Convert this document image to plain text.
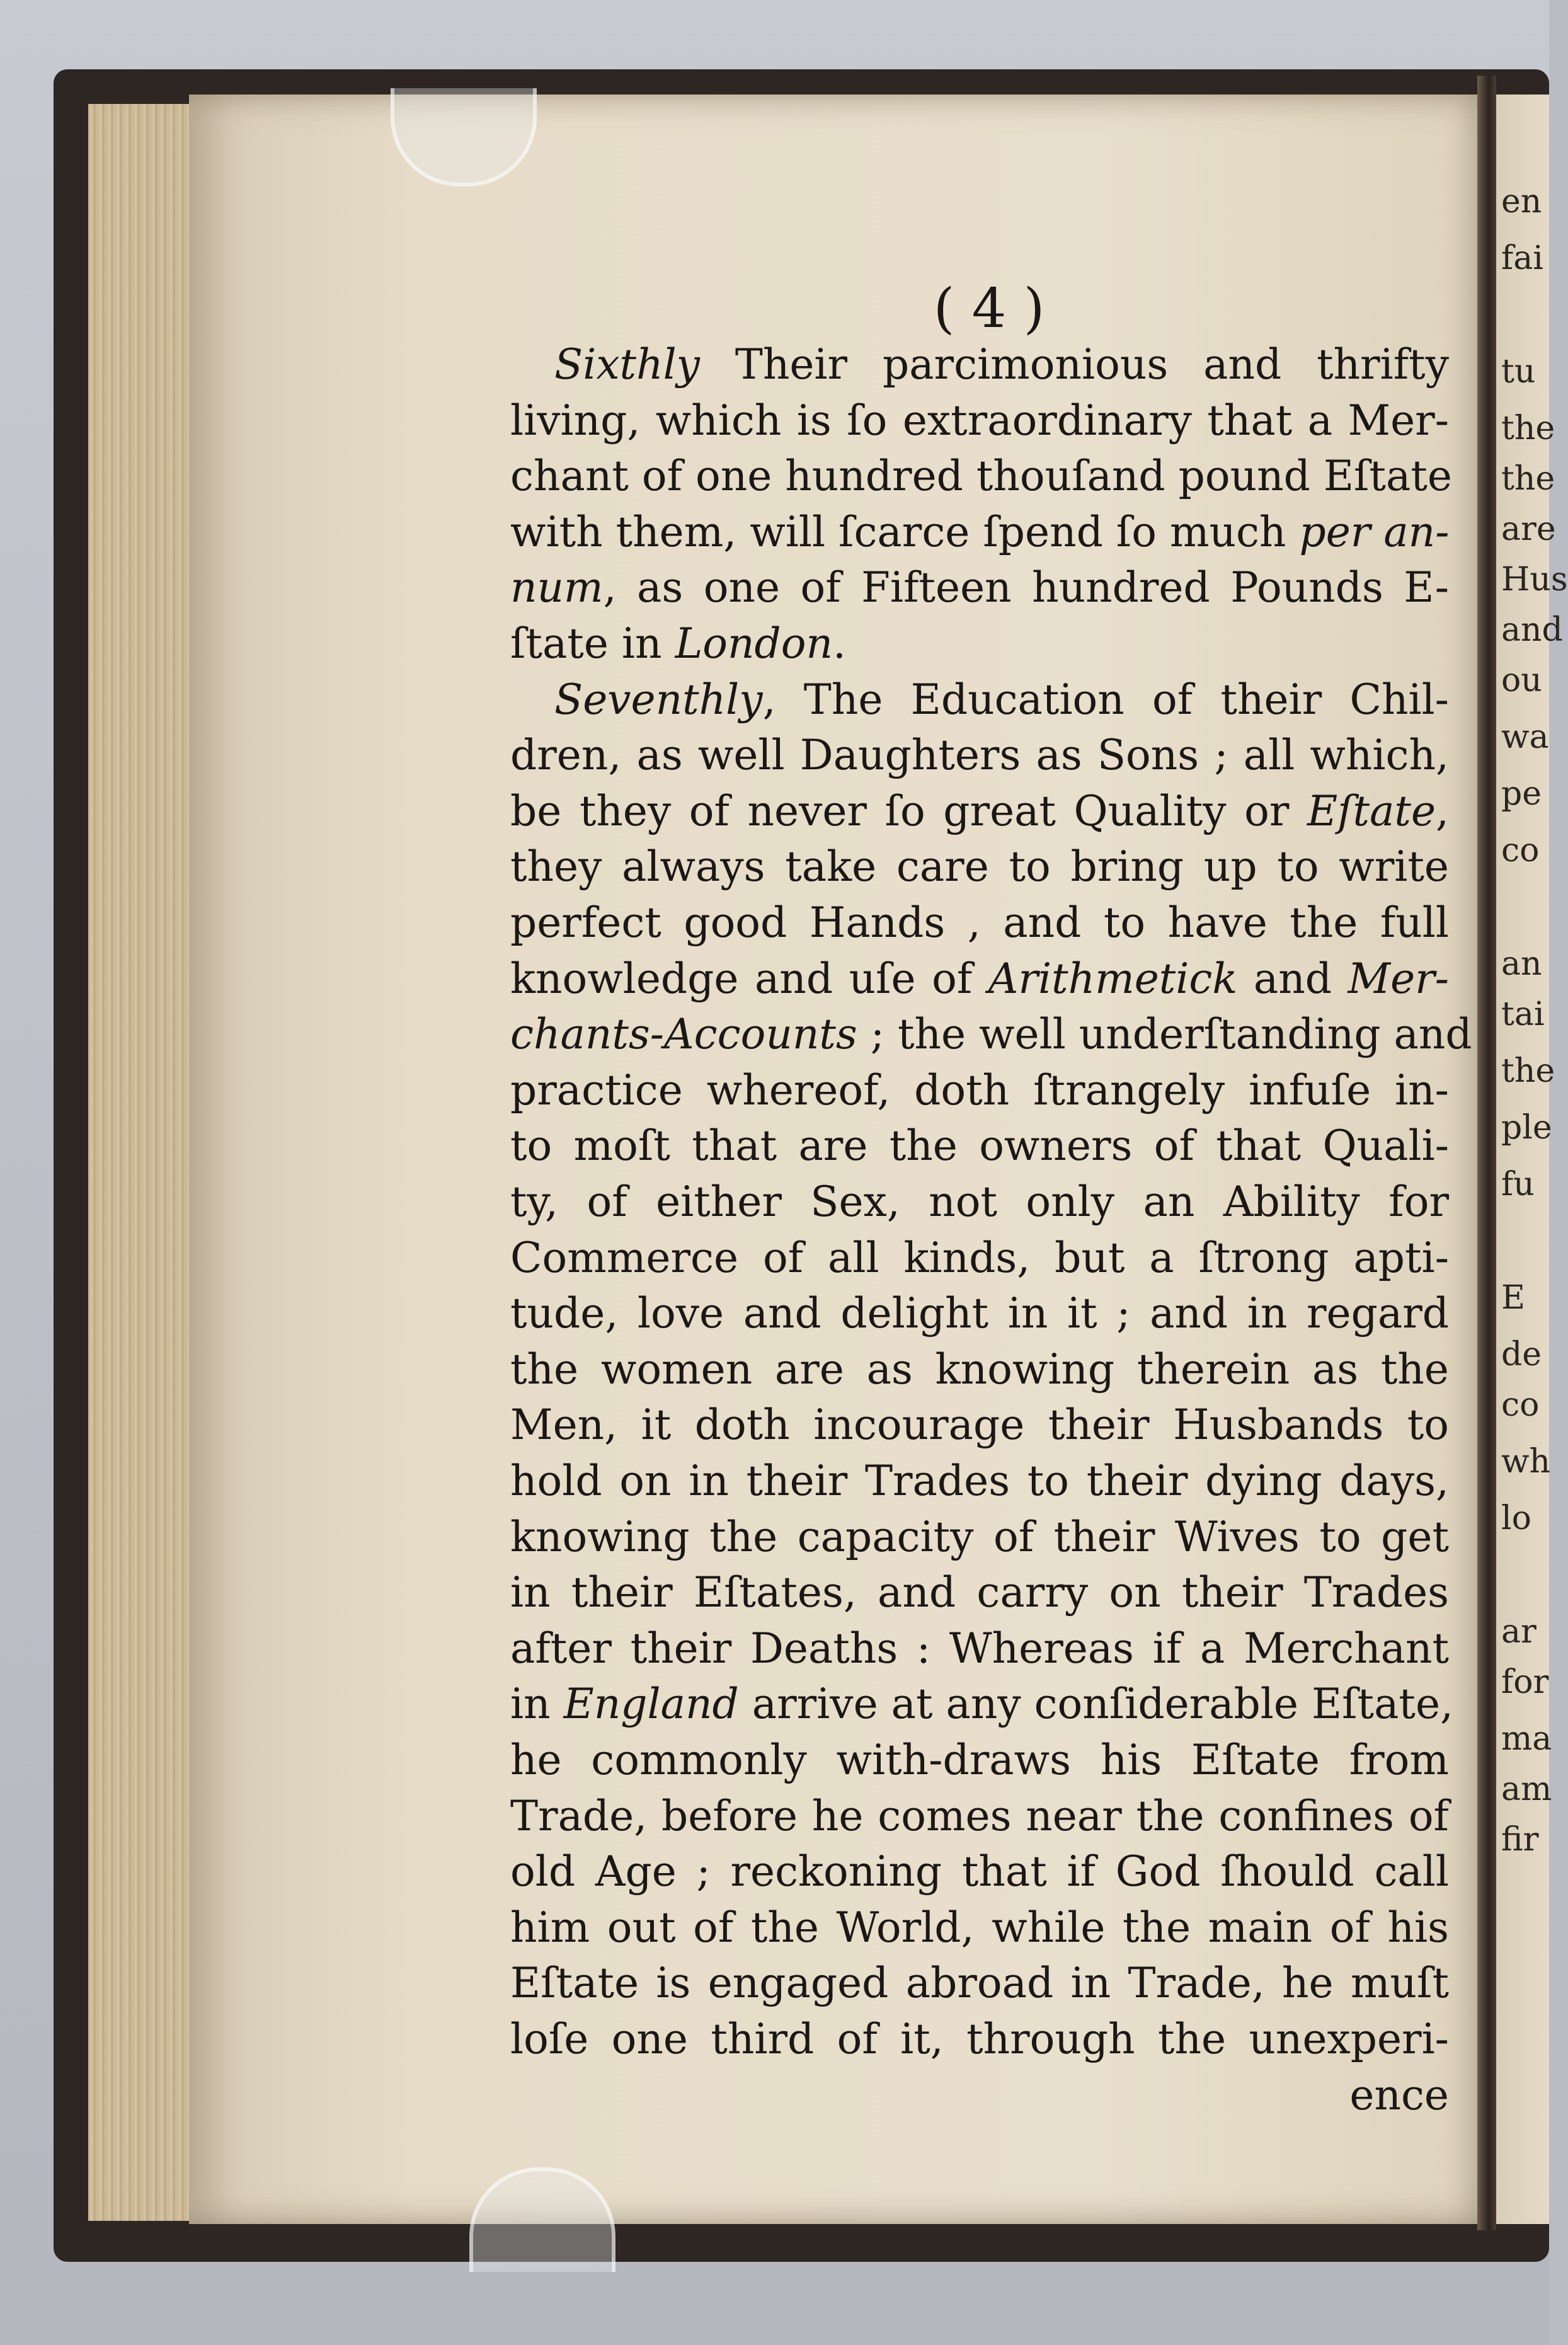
en
fai
tu
the
the
are
Hus
and
ou
wa
pe
co
an
tai
the
ple
fu
E
de
co
wh
lo
ar
for
ma
am
fir
( 4 )
Sixthly Their parcimonious and thrifty
living, which is ſo extraordinary that a Mer-
chant of one hundred thouſand pound Eſtate
with them, will ſcarce ſpend ſo much per an-
num, as one of Fifteen hundred Pounds E-
ſtate in London.
Seventhly, The Education of their Chil-
dren, as well Daughters as Sons ; all which,
be they of never ſo great Quality or Eſtate,
they always take care to bring up to write
perfect good Hands , and to have the full
knowledge and uſe of Arithmetick and Mer-
chants-Accounts ; the well underſtanding and
practice whereof, doth ſtrangely infuſe in-
to moſt that are the owners of that Quali-
ty, of either Sex, not only an Ability for
Commerce of all kinds, but a ſtrong apti-
tude, love and delight in it ; and in regard
the women are as knowing therein as the
Men, it doth incourage their Husbands to
hold on in their Trades to their dying days,
knowing the capacity of their Wives to get
in their Eſtates, and carry on their Trades
after their Deaths : Whereas if a Merchant
in England arrive at any conſiderable Eſtate,
he commonly with-draws his Eſtate from
Trade, before he comes near the confines of
old Age ; reckoning that if God ſhould call
him out of the World, while the main of his
Eſtate is engaged abroad in Trade, he muſt
loſe one third of it, through the unexperi-
ence
